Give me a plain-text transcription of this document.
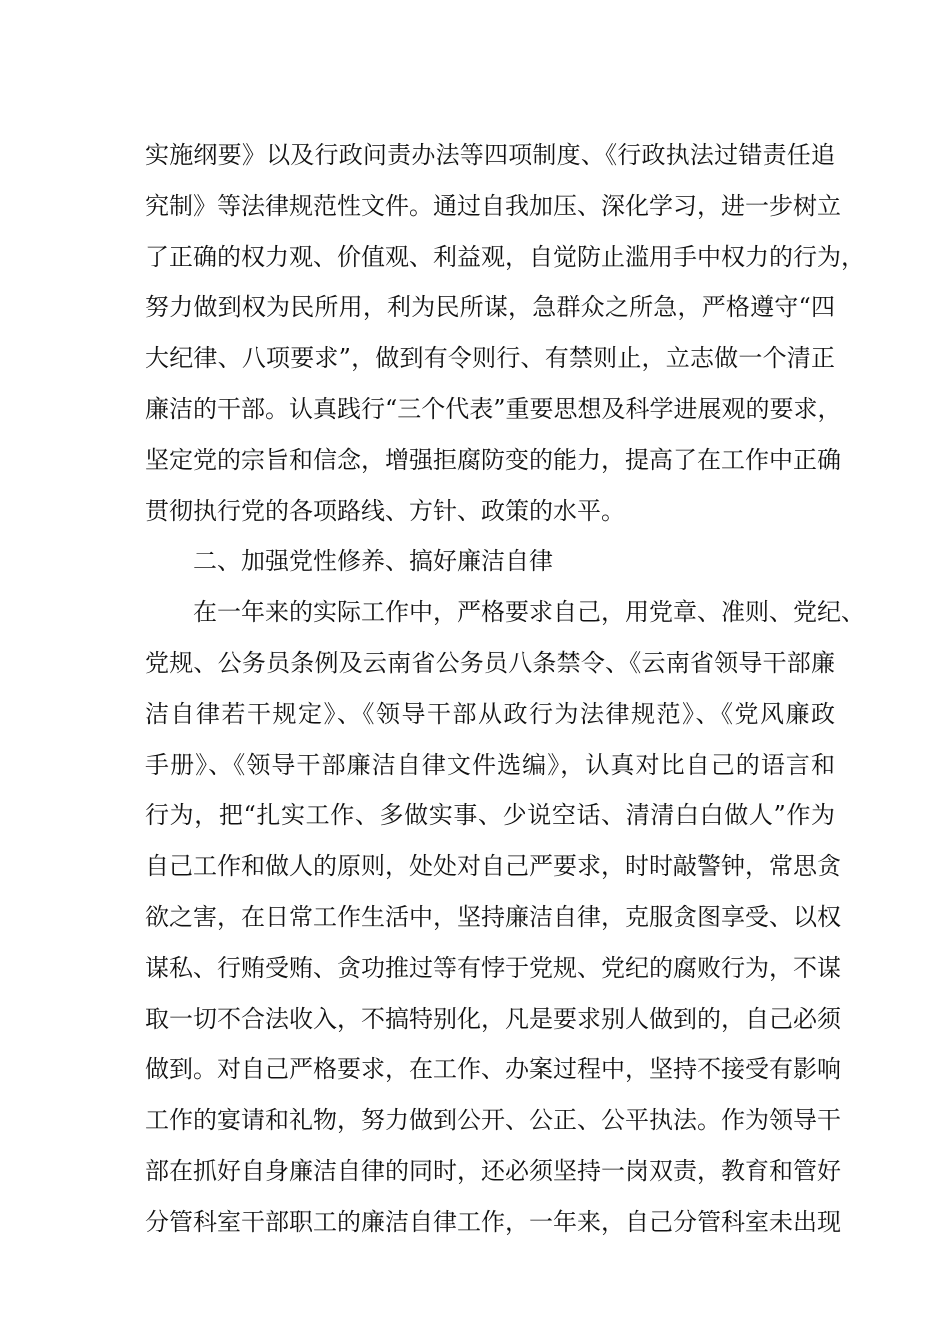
实施纲要》以及行政问责办法等四项制度、《行政执法过错责任追

究制》等法律规范性文件。通过自我加压、深化学习，进一步树立

了正确的权力观、价值观、利益观，自觉防止滥用手中权力的行为，

努力做到权为民所用，利为民所谋，急群众之所急，严格遵守“四

大纪律、八项要求”，做到有令则行、有禁则止，立志做一个清正

廉洁的干部。认真践行“三个代表”重要思想及科学进展观的要求，

坚定党的宗旨和信念，增强拒腐防变的能力，提高了在工作中正确

贯彻执行党的各项路线、方针、政策的水平。

二、加强党性修养、搞好廉洁自律

在一年来的实际工作中，严格要求自己，用党章、准则、党纪、

党规、公务员条例及云南省公务员八条禁令、《云南省领导干部廉

洁自律若干规定》、《领导干部从政行为法律规范》、《党风廉政

手册》、《领导干部廉洁自律文件选编》，认真对比自己的语言和

行为，把“扎实工作、多做实事、少说空话、清清白白做人”作为

自己工作和做人的原则，处处对自己严要求，时时敲警钟，常思贪

欲之害，在日常工作生活中，坚持廉洁自律，克服贪图享受、以权

谋私、行贿受贿、贪功推过等有悖于党规、党纪的腐败行为，不谋

取一切不合法收入，不搞特别化，凡是要求别人做到的，自己必须

做到。对自己严格要求，在工作、办案过程中，坚持不接受有影响

工作的宴请和礼物，努力做到公开、公正、公平执法。作为领导干

部在抓好自身廉洁自律的同时，还必须坚持一岗双责，教育和管好

分管科室干部职工的廉洁自律工作，一年来，自己分管科室未出现
